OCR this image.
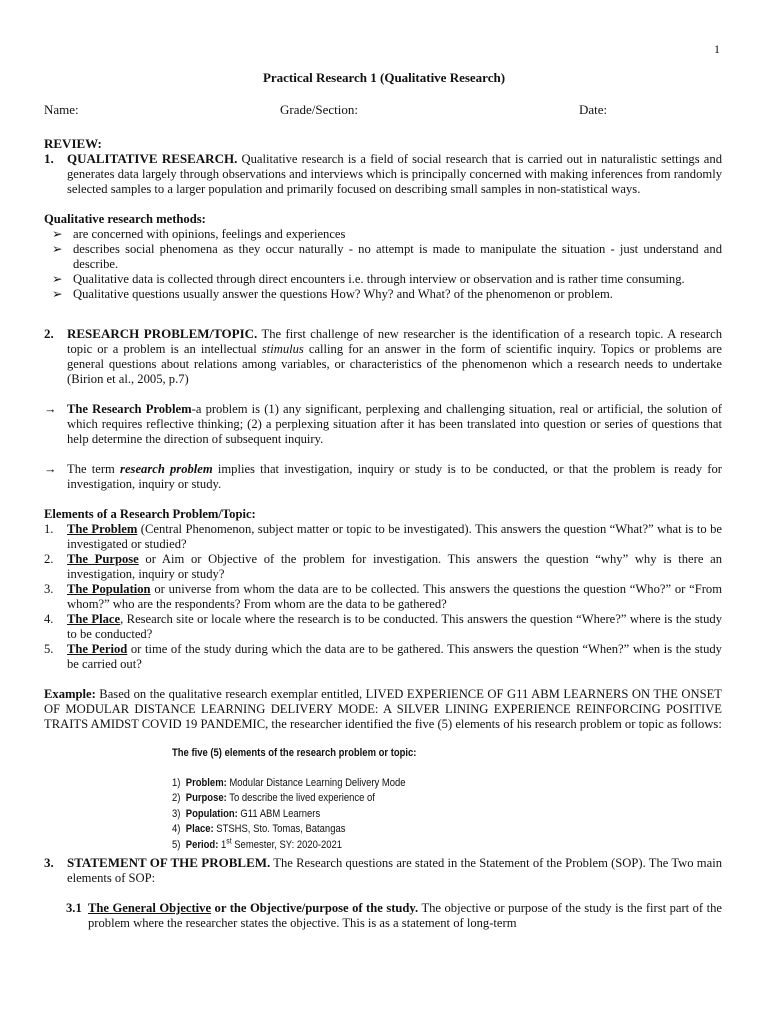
1
Practical Research 1 (Qualitative Research)
Name:	Grade/Section:	Date:
REVIEW:
1. QUALITATIVE RESEARCH. Qualitative research is a field of social research that is carried out in naturalistic settings and generates data largely through observations and interviews which is principally concerned with making inferences from randomly selected samples to a larger population and primarily focused on describing small samples in non-statistical ways.
Qualitative research methods:
➢ are concerned with opinions, feelings and experiences
➢ describes social phenomena as they occur naturally - no attempt is made to manipulate the situation - just understand and describe.
➢ Qualitative data is collected through direct encounters i.e. through interview or observation and is rather time consuming.
➢ Qualitative questions usually answer the questions How? Why? and What? of the phenomenon or problem.
2. RESEARCH PROBLEM/TOPIC. The first challenge of new researcher is the identification of a research topic. A research topic or a problem is an intellectual stimulus calling for an answer in the form of scientific inquiry. Topics or problems are general questions about relations among variables, or characteristics of the phenomenon which a research needs to undertake (Birion et al., 2005, p.7)
→ The Research Problem-a problem is (1) any significant, perplexing and challenging situation, real or artificial, the solution of which requires reflective thinking; (2) a perplexing situation after it has been translated into question or series of questions that help determine the direction of subsequent inquiry.
→ The term research problem implies that investigation, inquiry or study is to be conducted, or that the problem is ready for investigation, inquiry or study.
Elements of a Research Problem/Topic:
1. The Problem (Central Phenomenon, subject matter or topic to be investigated). This answers the question “What?” what is to be investigated or studied?
2. The Purpose or Aim or Objective of the problem for investigation. This answers the question “why” why is there an investigation, inquiry or study?
3. The Population or universe from whom the data are to be collected. This answers the questions the question “Who?” or “From whom?” who are the respondents? From whom are the data to be gathered?
4. The Place, Research site or locale where the research is to be conducted. This answers the question “Where?” where is the study to be conducted?
5. The Period or time of the study during which the data are to be gathered. This answers the question “When?” when is the study be carried out?
Example: Based on the qualitative research exemplar entitled, LIVED EXPERIENCE OF G11 ABM LEARNERS ON THE ONSET OF MODULAR DISTANCE LEARNING DELIVERY MODE: A SILVER LINING EXPERIENCE REINFORCING POSITIVE TRAITS AMIDST COVID 19 PANDEMIC, the researcher identified the five (5) elements of his research problem or topic as follows:
The five (5) elements of the research problem or topic:
1) Problem: Modular Distance Learning Delivery Mode
2) Purpose: To describe the lived experience of
3) Population: G11 ABM Learners
4) Place: STSHS, Sto. Tomas, Batangas
5) Period: 1st Semester, SY: 2020-2021
3. STATEMENT OF THE PROBLEM. The Research questions are stated in the Statement of the Problem (SOP). The Two main elements of SOP:
3.1 The General Objective or the Objective/purpose of the study. The objective or purpose of the study is the first part of the problem where the researcher states the objective. This is as a statement of long-term
